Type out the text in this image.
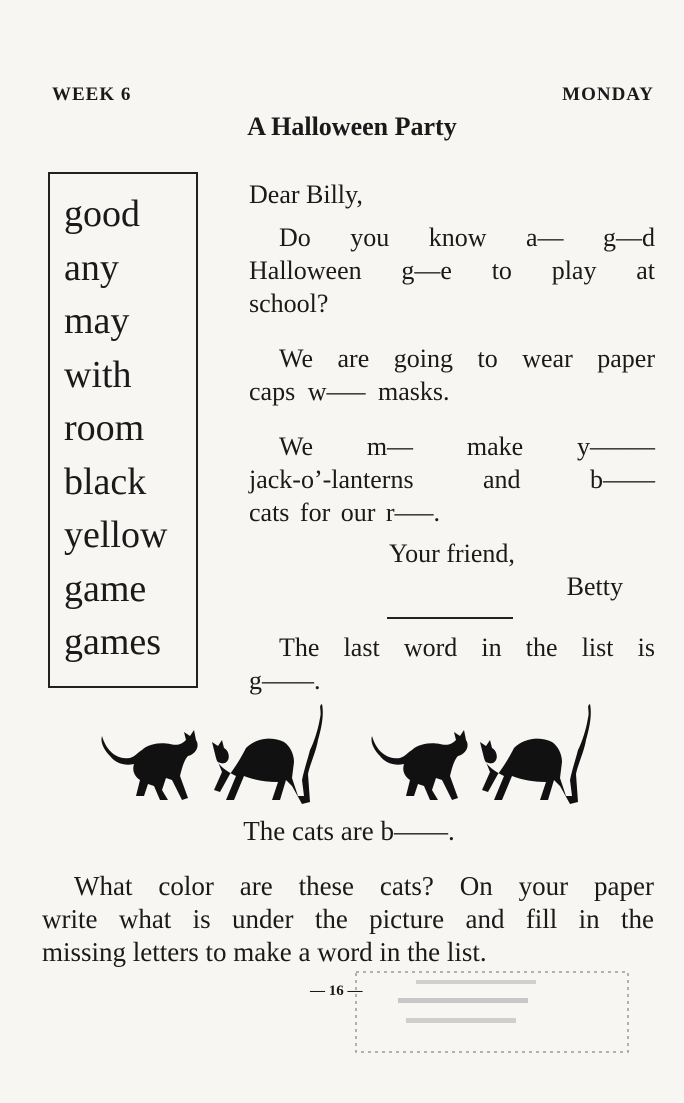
WEEK 6	MONDAY
A Halloween Party
good
any
may
with
room
black
yellow
game
games

Dear Billy,

Do you know a–– g––d
Halloween g––e to play at
school?
We are going to wear paper
caps w––– masks.
We m–– make y–––––
jack-o’-lanterns and b––––
cats for our r–––.
Your friend,
Betty
The last word in the list is
g––––.
The cats are b––––.
What color are these cats? On your paper
write what is under the picture and fill in the
missing letters to make a word in the list.
— 16 —
